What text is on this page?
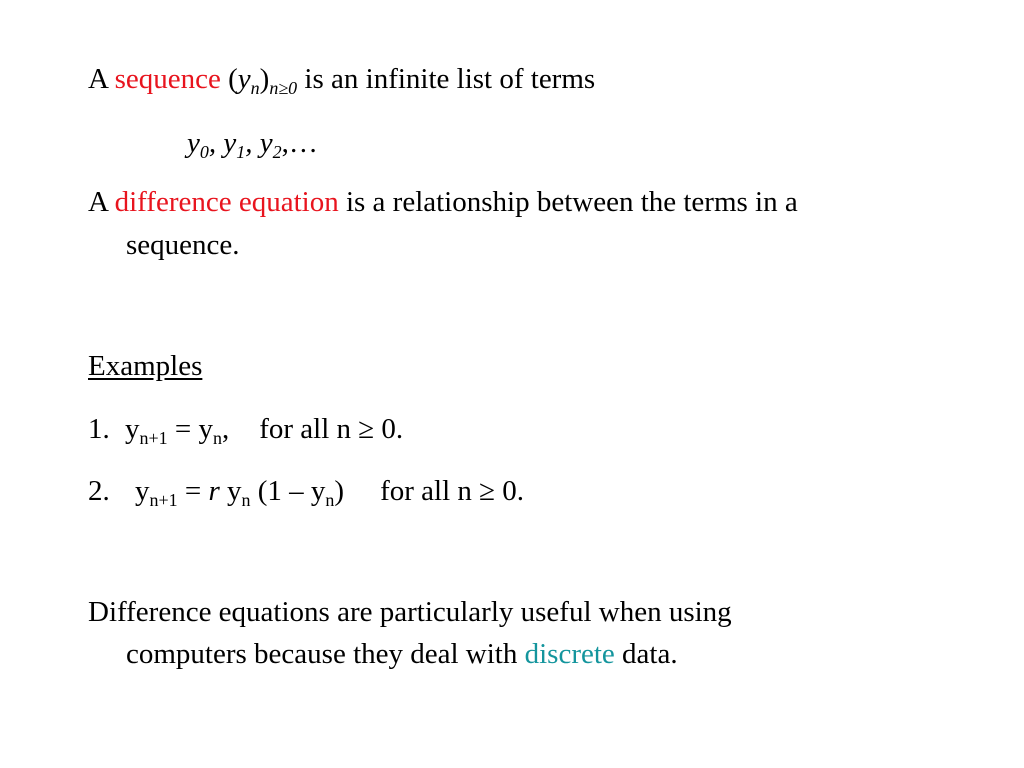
A sequence $(y_n)_{n\ge 0}$ is an infinite list of terms
$y_0$, $y_1$, $y_2,\dots$
A difference equation is a relationship between the terms in a
sequence.
Examples
1. $y_{n+1} = y_n$, for all n ≥ 0.
2. $y_{n+1} = r$ $y_n$ $(1 - y_n)$ for all n ≥ 0.
Difference equations are particularly useful when using
computers because they deal with discrete data.
